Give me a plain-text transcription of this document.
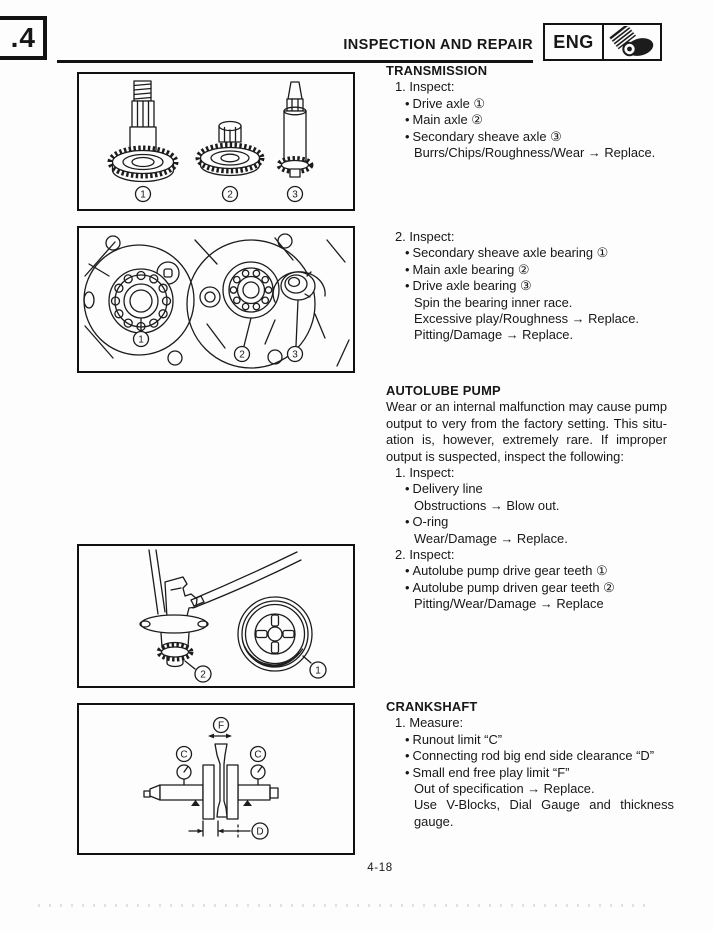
.4	INSPECTION AND REPAIR	ENG
1	2	3
1
2	3
2	1
F
C	C
D
TRANSMISSION
1. Inspect:
• Drive axle ①
• Main axle ②
• Secondary sheave axle ③
Burrs/Chips/Roughness/Wear → Replace.
2. Inspect:
• Secondary sheave axle bearing ①
• Main axle bearing ②
• Drive axle bearing ③
Spin the bearing inner race.
Excessive play/Roughness → Replace.
Pitting/Damage → Replace.
AUTOLUBE PUMP
Wear or an internal malfunction may cause pump
output to very from the factory setting. This situ-
ation is, however, extremely rare. If improper
output is suspected, inspect the following:
1. Inspect:
• Delivery line
Obstructions → Blow out.
• O-ring
Wear/Damage → Replace.
2. Inspect:
• Autolube pump drive gear teeth ①
• Autolube pump driven gear teeth ②
Pitting/Wear/Damage → Replace
CRANKSHAFT
1. Measure:
• Runout limit “C”
• Connecting rod big end side clearance “D”
• Small end free play limit “F”
Out of specification → Replace.
Use V-Blocks, Dial Gauge and thickness
gauge.
4-18
